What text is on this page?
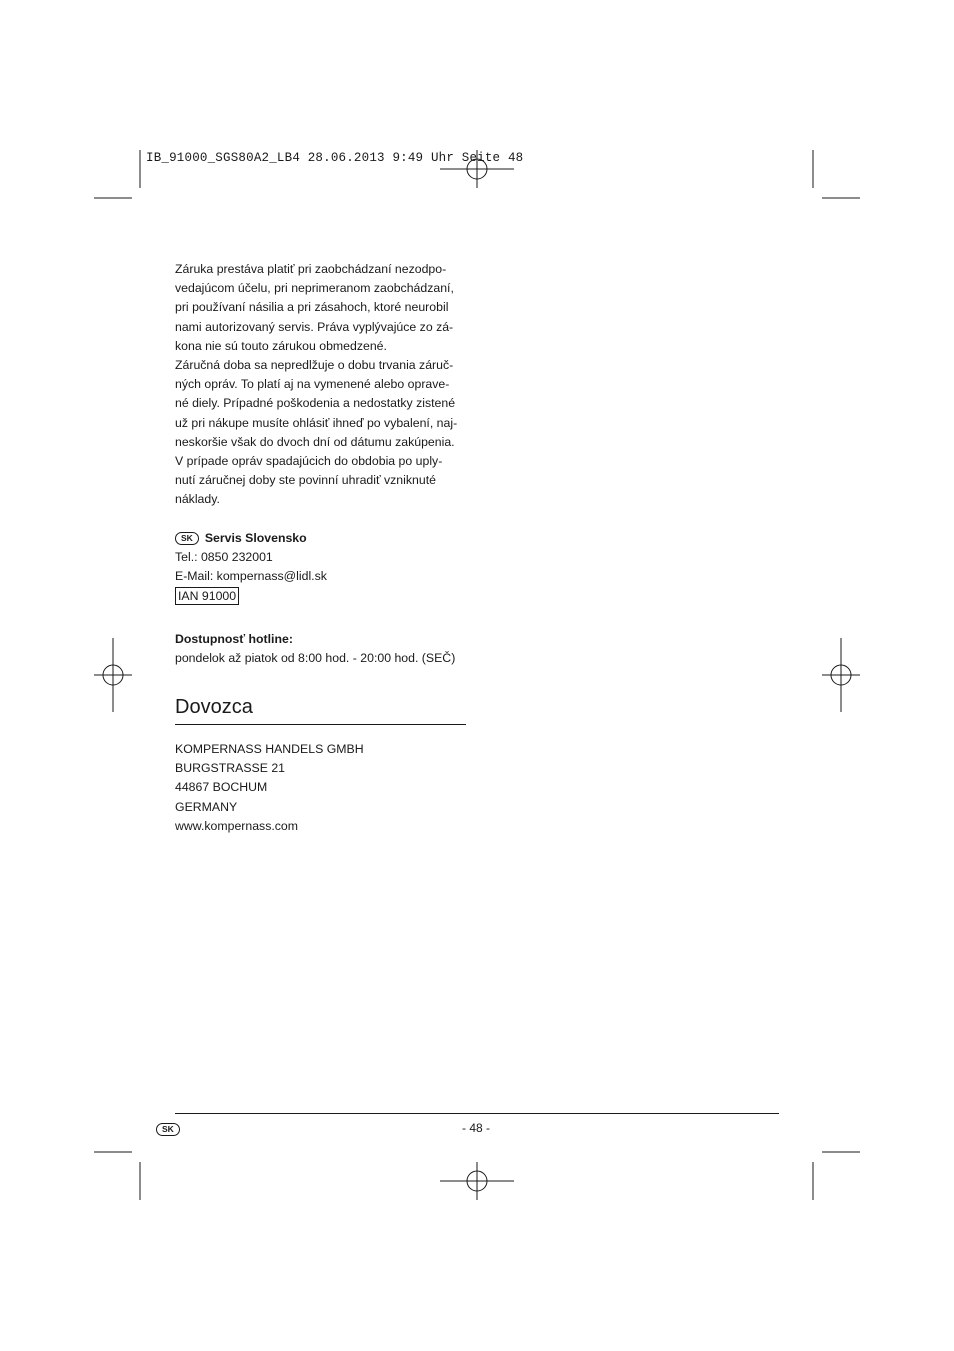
IB_91000_SGS80A2_LB4 28.06.2013 9:49 Uhr Seite 48
Záruka prestáva platiť pri zaobchádzaní nezodpo-
vedajúcom účelu, pri neprimeranom zaobchádzaní,
pri používaní násilia a pri zásahoch, ktoré neurobil
nami autorizovaný servis. Práva vyplývajúce zo zá-
kona nie sú touto zárukou obmedzené.
Záručná doba sa nepredlžuje o dobu trvania záruč-
ných opráv. To platí aj na vymenené alebo oprave-
né diely. Prípadné poškodenia a nedostatky zistené
už pri nákupe musíte ohlásiť ihneď po vybalení, naj-
neskoršie však do dvoch dní od dátumu zakúpenia.
V prípade opráv spadajúcich do obdobia po uply-
nutí záručnej doby ste povinní uhradiť vzniknuté
náklady.
SK Servis Slovensko
Tel.: 0850 232001
E-Mail: kompernass@lidl.sk
IAN 91000
Dostupnosť hotline:
pondelok až piatok od 8:00 hod. - 20:00 hod. (SEČ)
Dovozca
KOMPERNASS HANDELS GMBH
BURGSTRASSE 21
44867 BOCHUM
GERMANY
www.kompernass.com
SK	- 48 -
